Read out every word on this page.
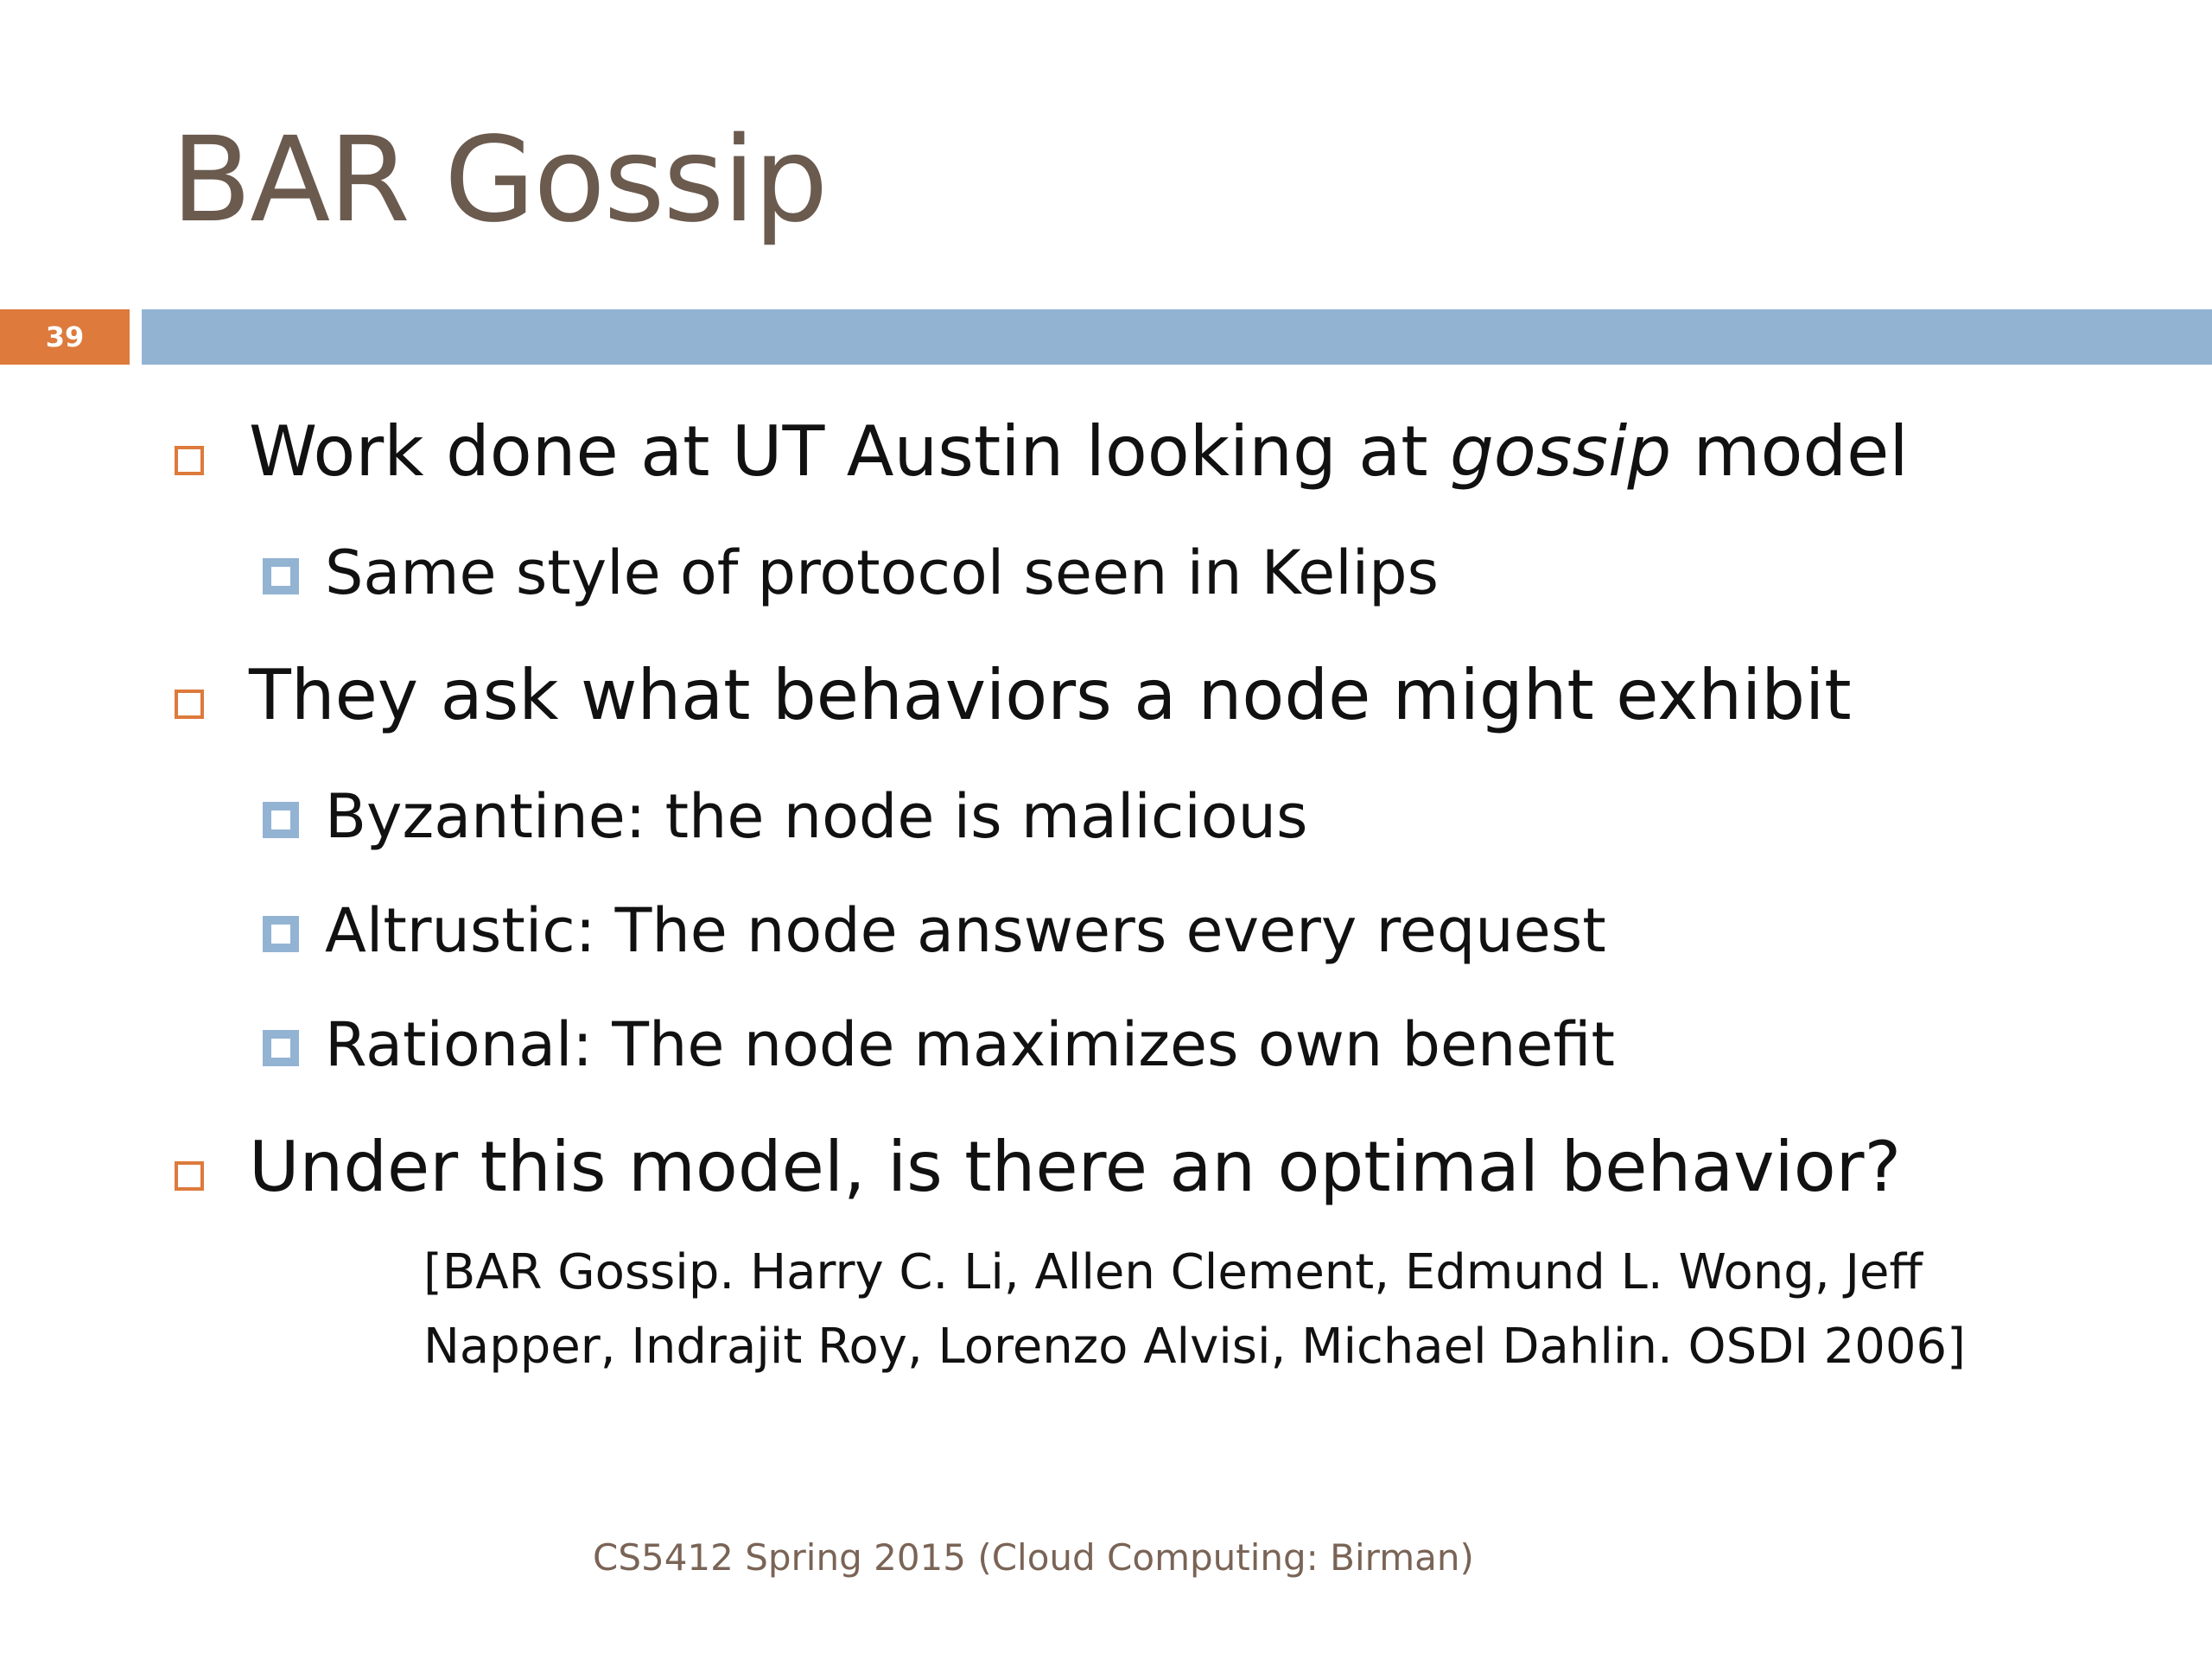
BAR Gossip
39
Work done at UT Austin looking at gossip model
Same style of protocol seen in Kelips
They ask what behaviors a node might exhibit
Byzantine: the node is malicious
Altrustic: The node answers every request
Rational: The node maximizes own benefit
Under this model, is there an optimal behavior?
[BAR Gossip. Harry C. Li, Allen Clement, Edmund L. Wong, Jeff
Napper, Indrajit Roy, Lorenzo Alvisi, Michael Dahlin. OSDI 2006]
CS5412 Spring 2015 (Cloud Computing: Birman)
